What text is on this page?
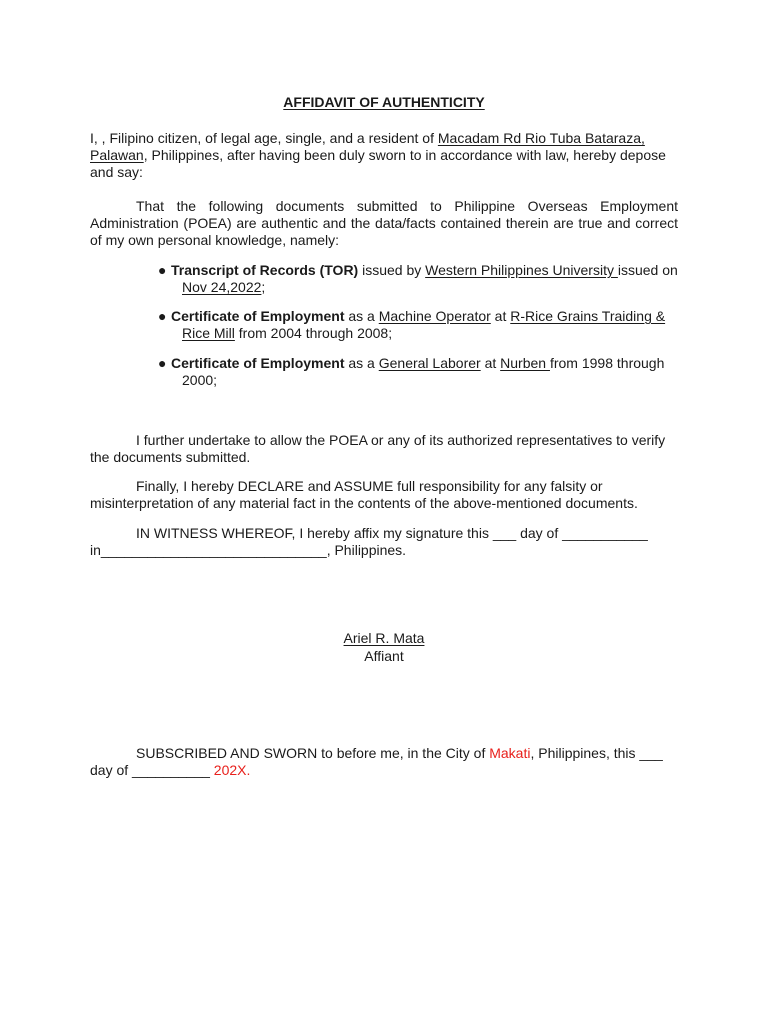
AFFIDAVIT OF AUTHENTICITY
I, , Filipino citizen, of legal age, single, and a resident of Macadam Rd Rio Tuba Bataraza,
Palawan, Philippines, after having been duly sworn to in accordance with law, hereby depose and say:
That the following documents submitted to Philippine Overseas Employment Administration (POEA) are authentic and the data/facts contained therein are true and correct of my own personal knowledge, namely:
● Transcript of Records (TOR) issued by Western Philippines University issued on
Nov 24,2022;
● Certificate of Employment as a Machine Operator at R-Rice Grains Traiding &
Rice Mill from 2004 through 2008;
● Certificate of Employment as a General Laborer at Nurben from 1998 through
2000;
I further undertake to allow the POEA or any of its authorized representatives to verify the documents submitted.
Finally, I hereby DECLARE and ASSUME full responsibility for any falsity or misinterpretation of any material fact in the contents of the above-mentioned documents.
IN WITNESS WHEREOF, I hereby affix my signature this ___ day of ___________
in_____________________________, Philippines.
Ariel R. Mata
Affiant
SUBSCRIBED AND SWORN to before me, in the City of Makati, Philippines, this ___
day of __________ 202X.
